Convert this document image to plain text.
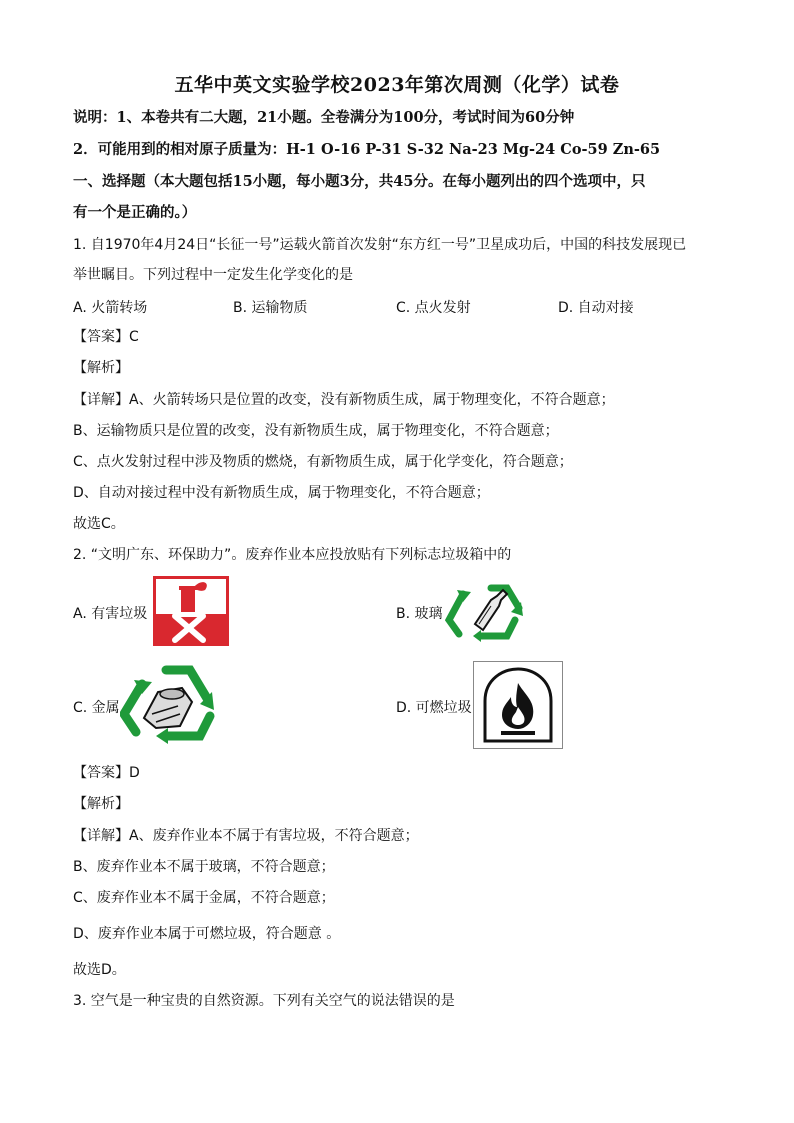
五华中英文实验学校2023年第次周测（化学）试卷
说明：1、本卷共有二大题，21小题。全卷满分为100分，考试时间为60分钟
2．可能用到的相对原子质量为：H-1 O-16 P-31 S-32 Na-23 Mg-24 Co-59 Zn-65
一、选择题（本大题包括15小题，每小题3分，共45分。在每小题列出的四个选项中，只
有一个是正确的。）
1. 自1970年4月24日“长征一号”运载火箭首次发射“东方红一号”卫星成功后，中国的科技发展现已
举世瞩目。下列过程中一定发生化学变化的是
A. 火箭转场	B. 运输物质	C. 点火发射	D. 自动对接
【答案】C
【解析】
【详解】A、火箭转场只是位置的改变，没有新物质生成，属于物理变化，不符合题意；
B、运输物质只是位置的改变，没有新物质生成，属于物理变化，不符合题意；
C、点火发射过程中涉及物质的燃烧，有新物质生成，属于化学变化，符合题意；
D、自动对接过程中没有新物质生成，属于物理变化，不符合题意；
故选C。
2. “文明广东、环保助力”。废弃作业本应投放贴有下列标志垃圾箱中的
A. 有害垃圾	B. 玻璃
C. 金属	D. 可燃垃圾
【答案】D
【解析】
【详解】A、废弃作业本不属于有害垃圾，不符合题意；
B、废弃作业本不属于玻璃，不符合题意；
C、废弃作业本不属于金属，不符合题意；
D、废弃作业本属于可燃垃圾，符合题意 。
故选D。
3. 空气是一种宝贵的自然资源。下列有关空气的说法错误的是
